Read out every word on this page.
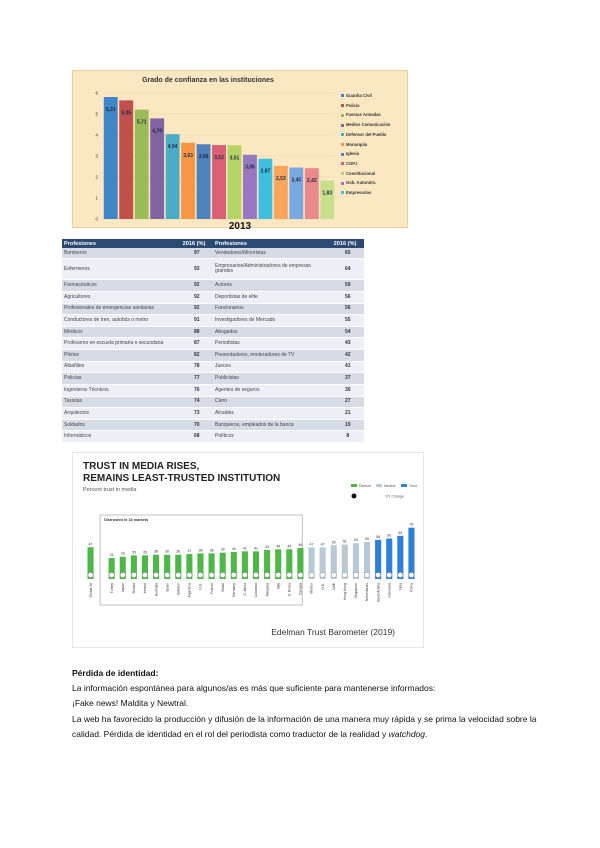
Grado de confianza en las instituciones
0
1
2
3
4
5
6
5,31
5,05
5,71
4,79
4,04
3,63 3,56 3,52 3,51
3,06
2,87
2,53 2,45 2,42
1,83
Guardia Civil
Policía
Fuerzas Armadas
Medios Comunicación
Defensor del Pueblo
Monarquía
Iglesia
CGPJ
Constitucional
Gob. Autonóm.
Empresarios
2013
Profesiones	2016 (%)	Profesiones	2016 (%)
Bomberos	97	Vendedores/Minoristas	65
Enfermeros	93	Empresarios/Administradores de empresas grandes	64
Farmacéuticos	92	Actores	59
Agricultores	92	Deportistas de elite	56
Profesionales de emergencias sanitarias	92	Funcionarios	56
Conductores de tren, autobús o metro	91	Investigadores de Mercado	55
Médicos	88	Abogados	54
Profesores en escuela primaria o secundaria	87	Periodistas	43
Pilotos	82	Presentadores, moderadores de TV	42
Albañiles	78	Jueces	41
Policías	77	Publicistas	37
Ingenieros Técnicos	76	Agentes de seguros	30
Taxistas	74	Clero	27
Arquitectos	73	Alcaldes	21
Soldados	70	Banqueros, empleados de la banca	19
Informáticos	68	Políticos	8
TRUST IN MEDIA RISES,
REMAINS LEAST-TRUSTED INSTITUTION
Percent trust in media
Distrust	Neutral	Trust
Y/Y Change
Distrusted in 18 markets
47
Global 26
31
Turkey
33
Japan
35
Russia
35
Ireland
36
Australia
36
Spain
36
Sweden
37
Argentina
38
U.S.
38
France
39
Brazil
40
Germany
41
S. Africa
41
Colombia
43
Malaysia
44
Italy
44
S. Korea
46
Canada
47
Mexico
47
U.K.
50
UAE
51
Hong Kong
53
Singapore
55
Netherlands
58
Saudi Arabia
60
Indonesia
64
India
76
China
Edelman Trust Barometer (2019)

Pérdida de identidad:

La información espontánea para algunos/as es más que suficiente para mantenerse informados:

¡Fake news! Maldita y Newtral.

La web ha favorecido la producción y difusión de la información de una manera muy rápida y se prima la velocidad sobre la calidad. Pérdida de identidad en el rol del periodista como traductor de la realidad y watchdog.
